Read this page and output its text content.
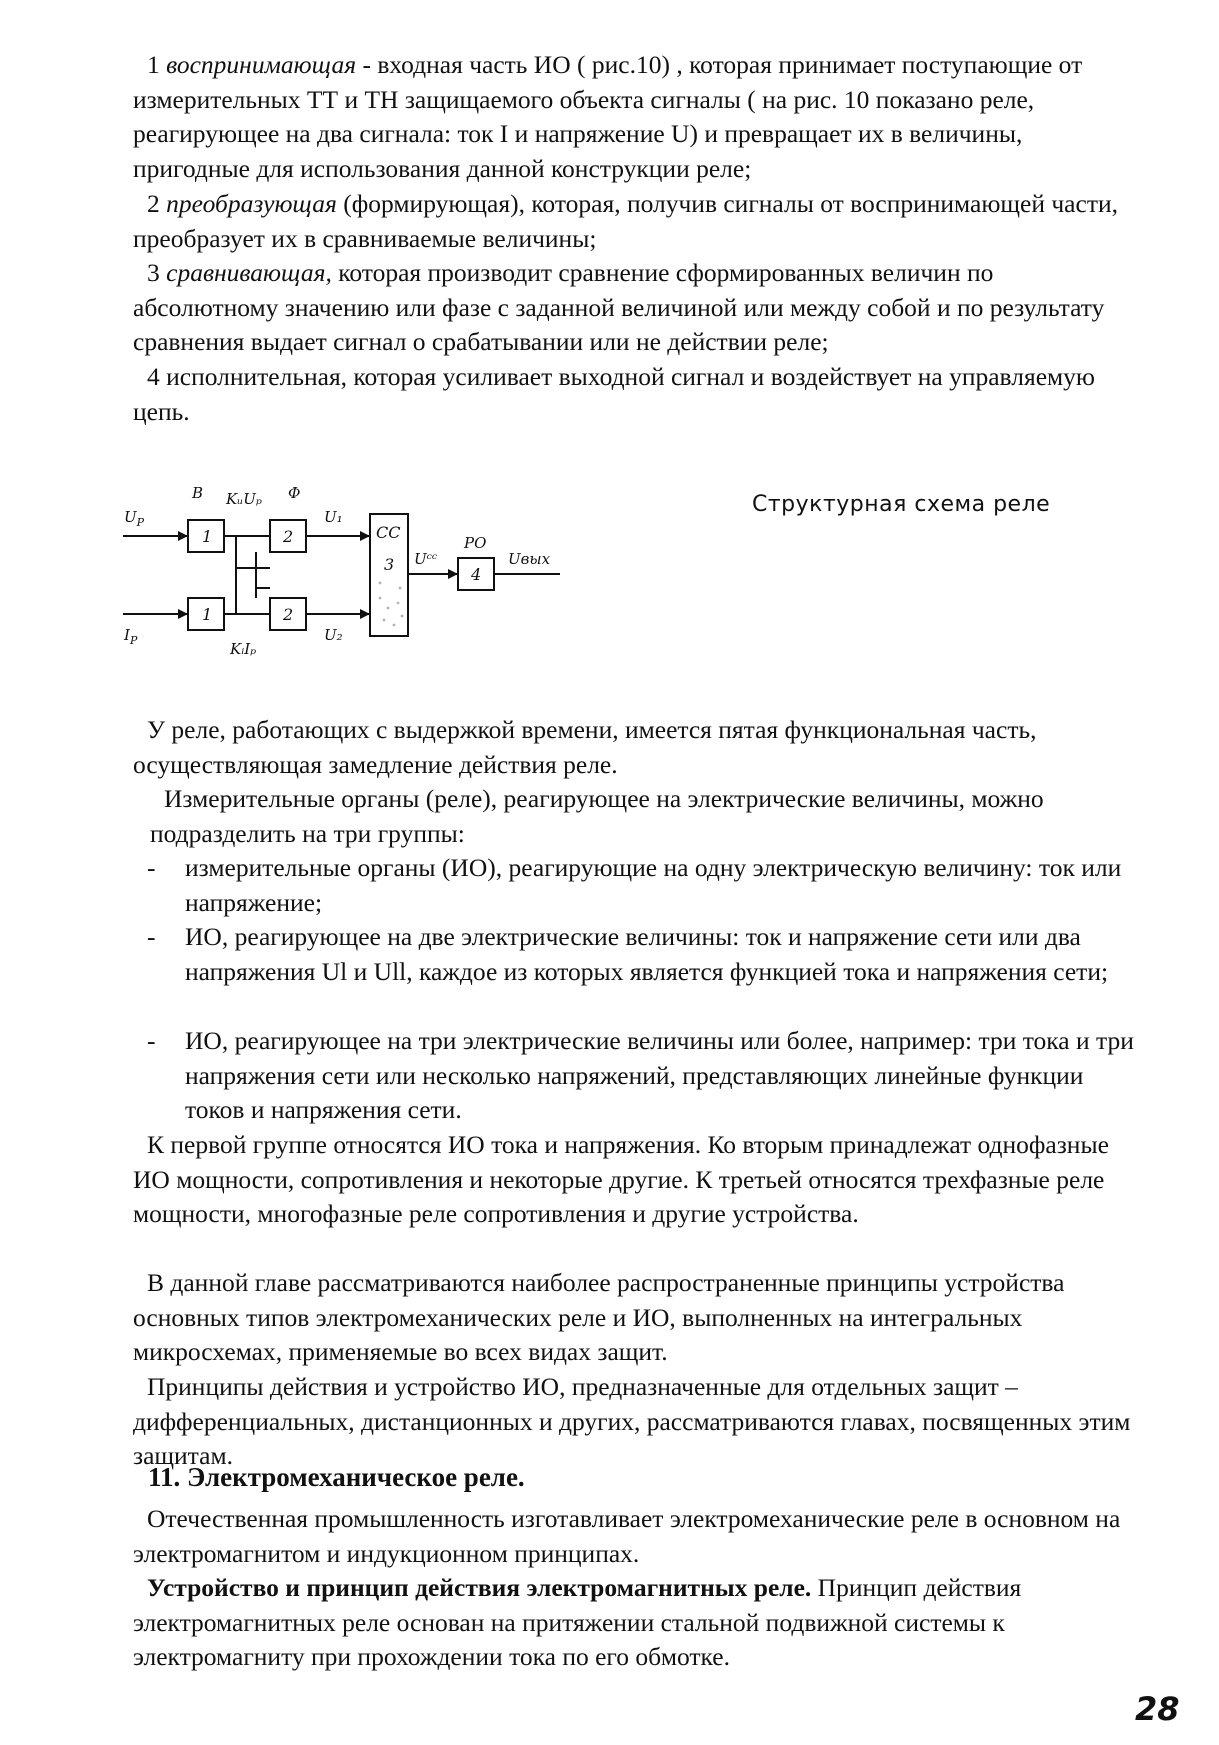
1 воспринимающая - входная часть ИО ( рис.10) , которая принимает поступающие от измерительных ТТ и ТН защищаемого объекта сигналы ( на рис. 10 показано реле, реагирующее на два сигнала: ток I и напряжение U) и превращает их в величины, пригодные для использования данной конструкции реле;

2 преобразующая (формирующая), которая, получив сигналы от воспринимающей части, преобразует их в сравниваемые величины;

3 сравнивающая, которая производит сравнение сформированных величин по абсолютному значению или фазе с заданной величиной или между собой и по результату сравнения выдает сигнал о срабатывании или не действии реле;

4 исполнительная, которая усиливает выходной сигнал и воздействует на управляемую цепь.

$U_P$
$I_P$
B KᵤUₚ Ф
U₁
U₂
KᵢIₚ
Uᶜᶜ
PO
Uвых
1
1
2
2
CC
3
4
Структурная схема реле

У реле, работающих с выдержкой времени, имеется пятая функциональная часть, осуществляющая замедление действия реле.

Измерительные органы (реле), реагирующее на электрические величины, можно подразделить на три группы:

- измерительные органы (ИО), реагирующие на одну электрическую величину: ток или напряжение;
- ИО, реагирующее на две электрические величины: ток и напряжение сети или два напряжения Ul и Ull, каждое из которых является функцией тока и напряжения сети;
- ИО, реагирующее на три электрические величины или более, например: три тока и три напряжения сети или несколько напряжений, представляющих линейные функции токов и напряжения сети.

К первой группе относятся ИО тока и напряжения. Ко вторым принадлежат однофазные ИО мощности, сопротивления и некоторые другие. К третьей относятся трехфазные реле мощности, многофазные реле сопротивления и другие устройства.

В данной главе рассматриваются наиболее распространенные принципы устройства основных типов электромеханических реле и ИО, выполненных на интегральных микросхемах, применяемые во всех видах защит.

Принципы действия и устройство ИО, предназначенные для отдельных защит – дифференциальных, дистанционных и других, рассматриваются главах, посвященных этим защитам.

11. Электромеханическое реле.

Отечественная промышленность изготавливает электромеханические реле в основном на электромагнитом и индукционном принципах.

Устройство и принцип действия электромагнитных реле. Принцип действия электромагнитных реле основан на притяжении стальной подвижной системы к электромагниту при прохождении тока по его обмотке.

28
